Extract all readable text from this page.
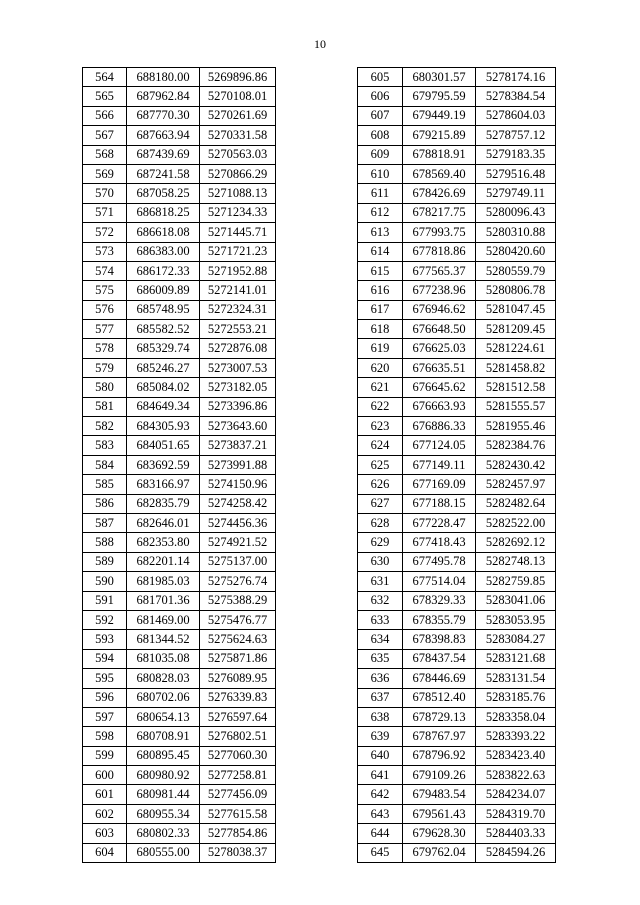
10
564	688180.00	5269896.86
565	687962.84	5270108.01
566	687770.30	5270261.69
567	687663.94	5270331.58
568	687439.69	5270563.03
569	687241.58	5270866.29
570	687058.25	5271088.13
571	686818.25	5271234.33
572	686618.08	5271445.71
573	686383.00	5271721.23
574	686172.33	5271952.88
575	686009.89	5272141.01
576	685748.95	5272324.31
577	685582.52	5272553.21
578	685329.74	5272876.08
579	685246.27	5273007.53
580	685084.02	5273182.05
581	684649.34	5273396.86
582	684305.93	5273643.60
583	684051.65	5273837.21
584	683692.59	5273991.88
585	683166.97	5274150.96
586	682835.79	5274258.42
587	682646.01	5274456.36
588	682353.80	5274921.52
589	682201.14	5275137.00
590	681985.03	5275276.74
591	681701.36	5275388.29
592	681469.00	5275476.77
593	681344.52	5275624.63
594	681035.08	5275871.86
595	680828.03	5276089.95
596	680702.06	5276339.83
597	680654.13	5276597.64
598	680708.91	5276802.51
599	680895.45	5277060.30
600	680980.92	5277258.81
601	680981.44	5277456.09
602	680955.34	5277615.58
603	680802.33	5277854.86
604	680555.00	5278038.37
605	680301.57	5278174.16
606	679795.59	5278384.54
607	679449.19	5278604.03
608	679215.89	5278757.12
609	678818.91	5279183.35
610	678569.40	5279516.48
611	678426.69	5279749.11
612	678217.75	5280096.43
613	677993.75	5280310.88
614	677818.86	5280420.60
615	677565.37	5280559.79
616	677238.96	5280806.78
617	676946.62	5281047.45
618	676648.50	5281209.45
619	676625.03	5281224.61
620	676635.51	5281458.82
621	676645.62	5281512.58
622	676663.93	5281555.57
623	676886.33	5281955.46
624	677124.05	5282384.76
625	677149.11	5282430.42
626	677169.09	5282457.97
627	677188.15	5282482.64
628	677228.47	5282522.00
629	677418.43	5282692.12
630	677495.78	5282748.13
631	677514.04	5282759.85
632	678329.33	5283041.06
633	678355.79	5283053.95
634	678398.83	5283084.27
635	678437.54	5283121.68
636	678446.69	5283131.54
637	678512.40	5283185.76
638	678729.13	5283358.04
639	678767.97	5283393.22
640	678796.92	5283423.40
641	679109.26	5283822.63
642	679483.54	5284234.07
643	679561.43	5284319.70
644	679628.30	5284403.33
645	679762.04	5284594.26
